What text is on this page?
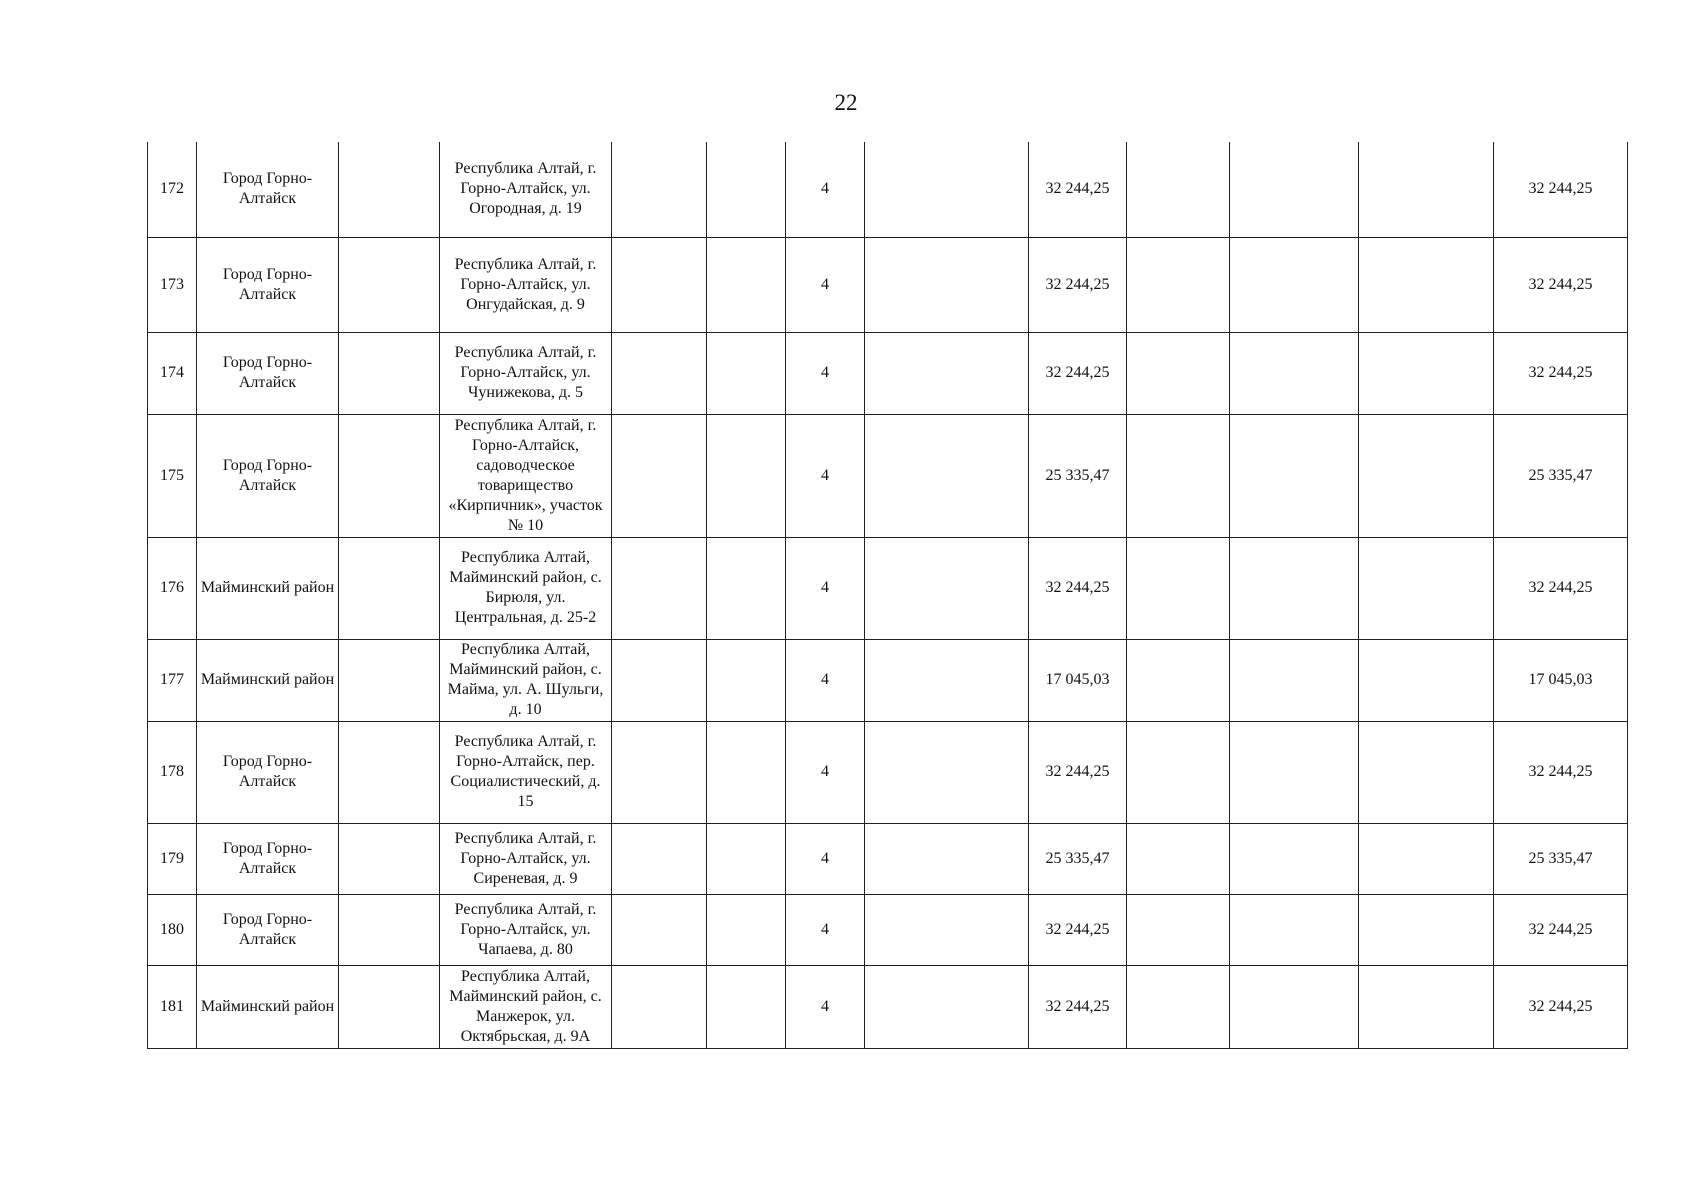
22
172	Город Горно-Алтайск		Республика Алтай, г. Горно-Алтайск, ул. Огородная, д. 19			4		32 244,25				32 244,25
173	Город Горно-Алтайск		Республика Алтай, г. Горно-Алтайск, ул. Онгудайская, д. 9			4		32 244,25				32 244,25
174	Город Горно-Алтайск		Республика Алтай, г. Горно-Алтайск, ул. Чунижекова, д. 5			4		32 244,25				32 244,25
175	Город Горно-Алтайск		Республика Алтай, г. Горно-Алтайск, садоводческое товарищество «Кирпичник», участок № 10			4		25 335,47				25 335,47
176	Майминский район		Республика Алтай, Майминский район, с. Бирюля, ул. Центральная, д. 25-2			4		32 244,25				32 244,25
177	Майминский район		Республика Алтай, Майминский район, с. Майма, ул. А. Шульги, д. 10			4		17 045,03				17 045,03
178	Город Горно-Алтайск		Республика Алтай, г. Горно-Алтайск, пер. Социалистический, д. 15			4		32 244,25				32 244,25
179	Город Горно-Алтайск		Республика Алтай, г. Горно-Алтайск, ул. Сиреневая, д. 9			4		25 335,47				25 335,47
180	Город Горно-Алтайск		Республика Алтай, г. Горно-Алтайск, ул. Чапаева, д. 80			4		32 244,25				32 244,25
181	Майминский район		Республика Алтай, Майминский район, с. Манжерок, ул. Октябрьская, д. 9А			4		32 244,25				32 244,25
